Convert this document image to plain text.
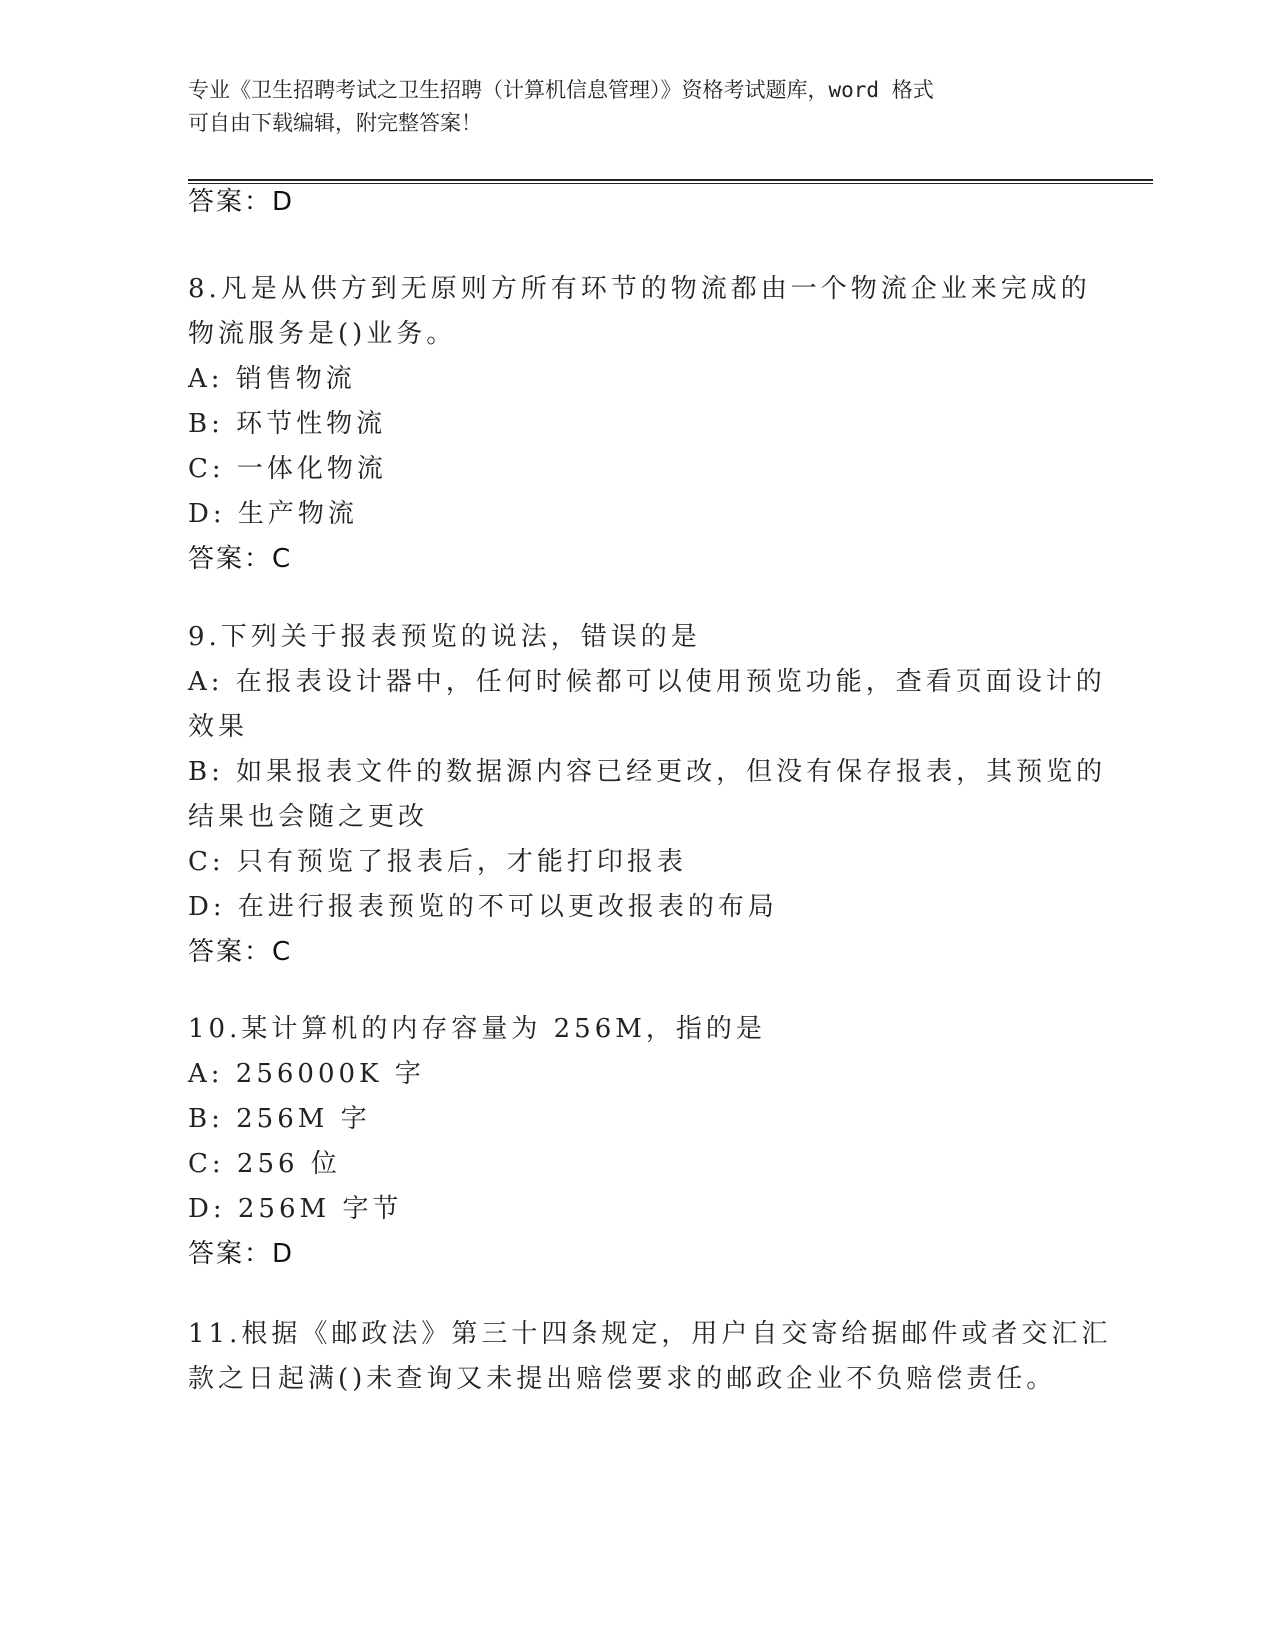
专业《卫生招聘考试之卫生招聘（计算机信息管理）》资格考试题库，word 格式
可自由下载编辑，附完整答案！
答案：D
8.凡是从供方到无原则方所有环节的物流都由一个物流企业来完成的
物流服务是()业务。
A: 销售物流
B: 环节性物流
C: 一体化物流
D: 生产物流
答案：C
9.下列关于报表预览的说法，错误的是
A: 在报表设计器中，任何时候都可以使用预览功能，查看页面设计的
效果
B: 如果报表文件的数据源内容已经更改，但没有保存报表，其预览的
结果也会随之更改
C: 只有预览了报表后，才能打印报表
D: 在进行报表预览的不可以更改报表的布局
答案：C
10.某计算机的内存容量为 256M，指的是
A: 256000K 字
B: 256M 字
C: 256 位
D: 256M 字节
答案：D
11.根据《邮政法》第三十四条规定，用户自交寄给据邮件或者交汇汇
款之日起满()未查询又未提出赔偿要求的邮政企业不负赔偿责任。
